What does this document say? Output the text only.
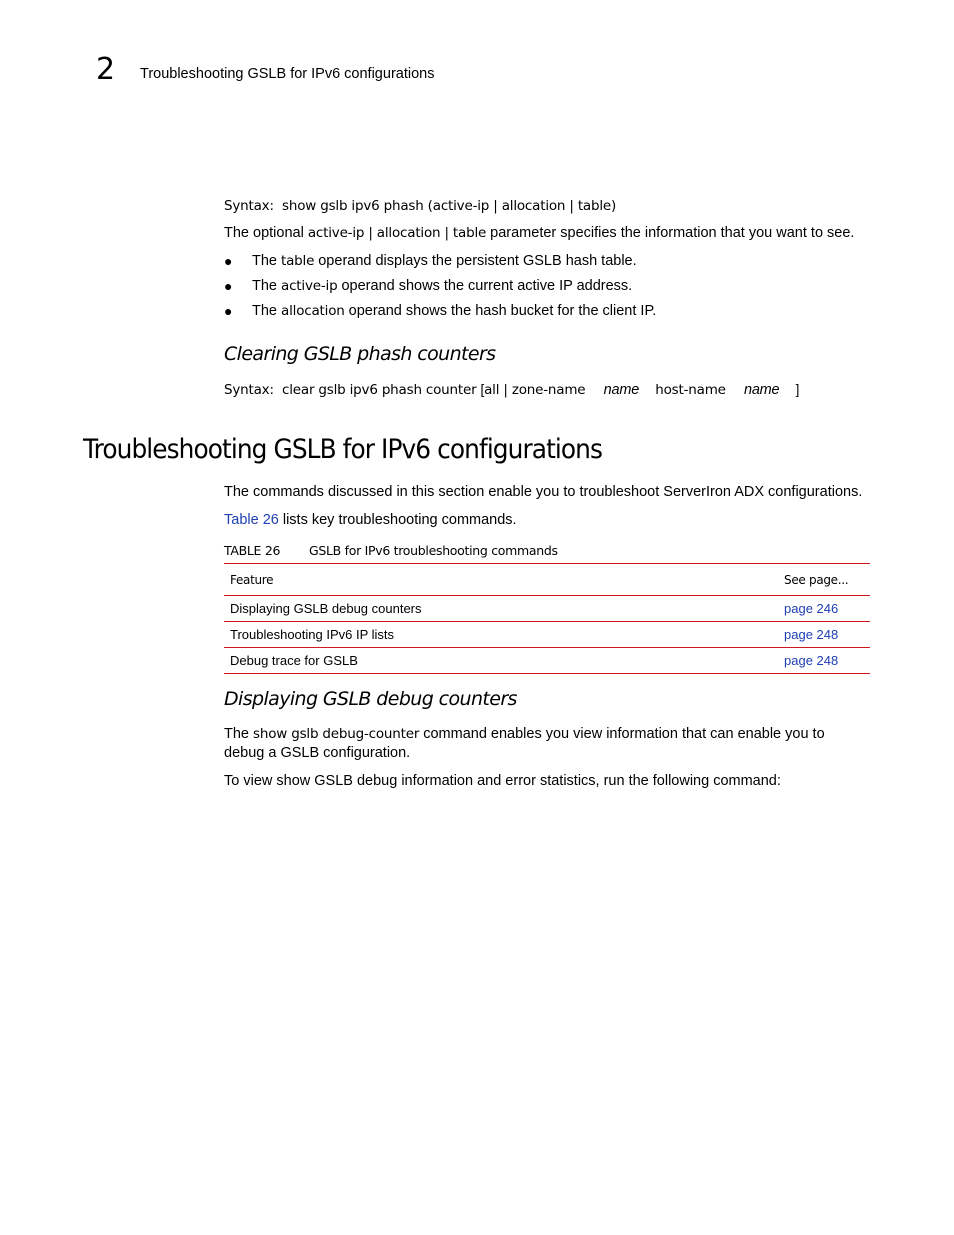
2 Troubleshooting GSLB for IPv6 configurations
Syntax: show gslb ipv6 phash (active-ip | allocation | table)
The optional active-ip | allocation | table parameter specifies the information that you want to see.
● The table operand displays the persistent GSLB hash table.
● The active-ip operand shows the current active IP address.
● The allocation operand shows the hash bucket for the client IP.
Clearing GSLB phash counters
Syntax: clear gslb ipv6 phash counter [all | zone-name name host-name name ]
Troubleshooting GSLB for IPv6 configurations
The commands discussed in this section enable you to troubleshoot ServerIron ADX configurations.
Table 26 lists key troubleshooting commands.
TABLE 26 GSLB for IPv6 troubleshooting commands
Feature	See page...
Displaying GSLB debug counters	page 246
Troubleshooting IPv6 IP lists	page 248
Debug trace for GSLB	page 248
Displaying GSLB debug counters
The show gslb debug-counter command enables you view information that can enable you to debug a GSLB configuration.
To view show GSLB debug information and error statistics, run the following command:
